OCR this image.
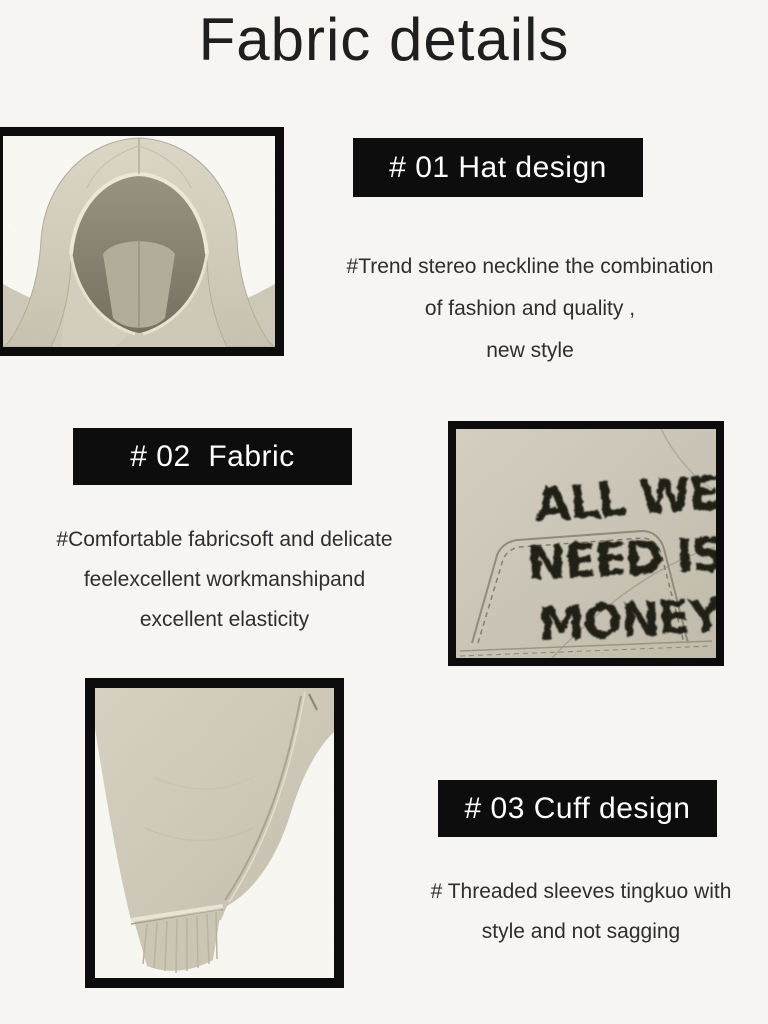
Fabric details
# 01 Hat design
#Trend stereo neckline the combination
of fashion and quality ,
new style
# 02  Fabric
#Comfortable fabricsoft and delicate
feelexcellent workmanshipand
excellent elasticity
# 03 Cuff design
# Threaded sleeves tingkuo with
style and not sagging
